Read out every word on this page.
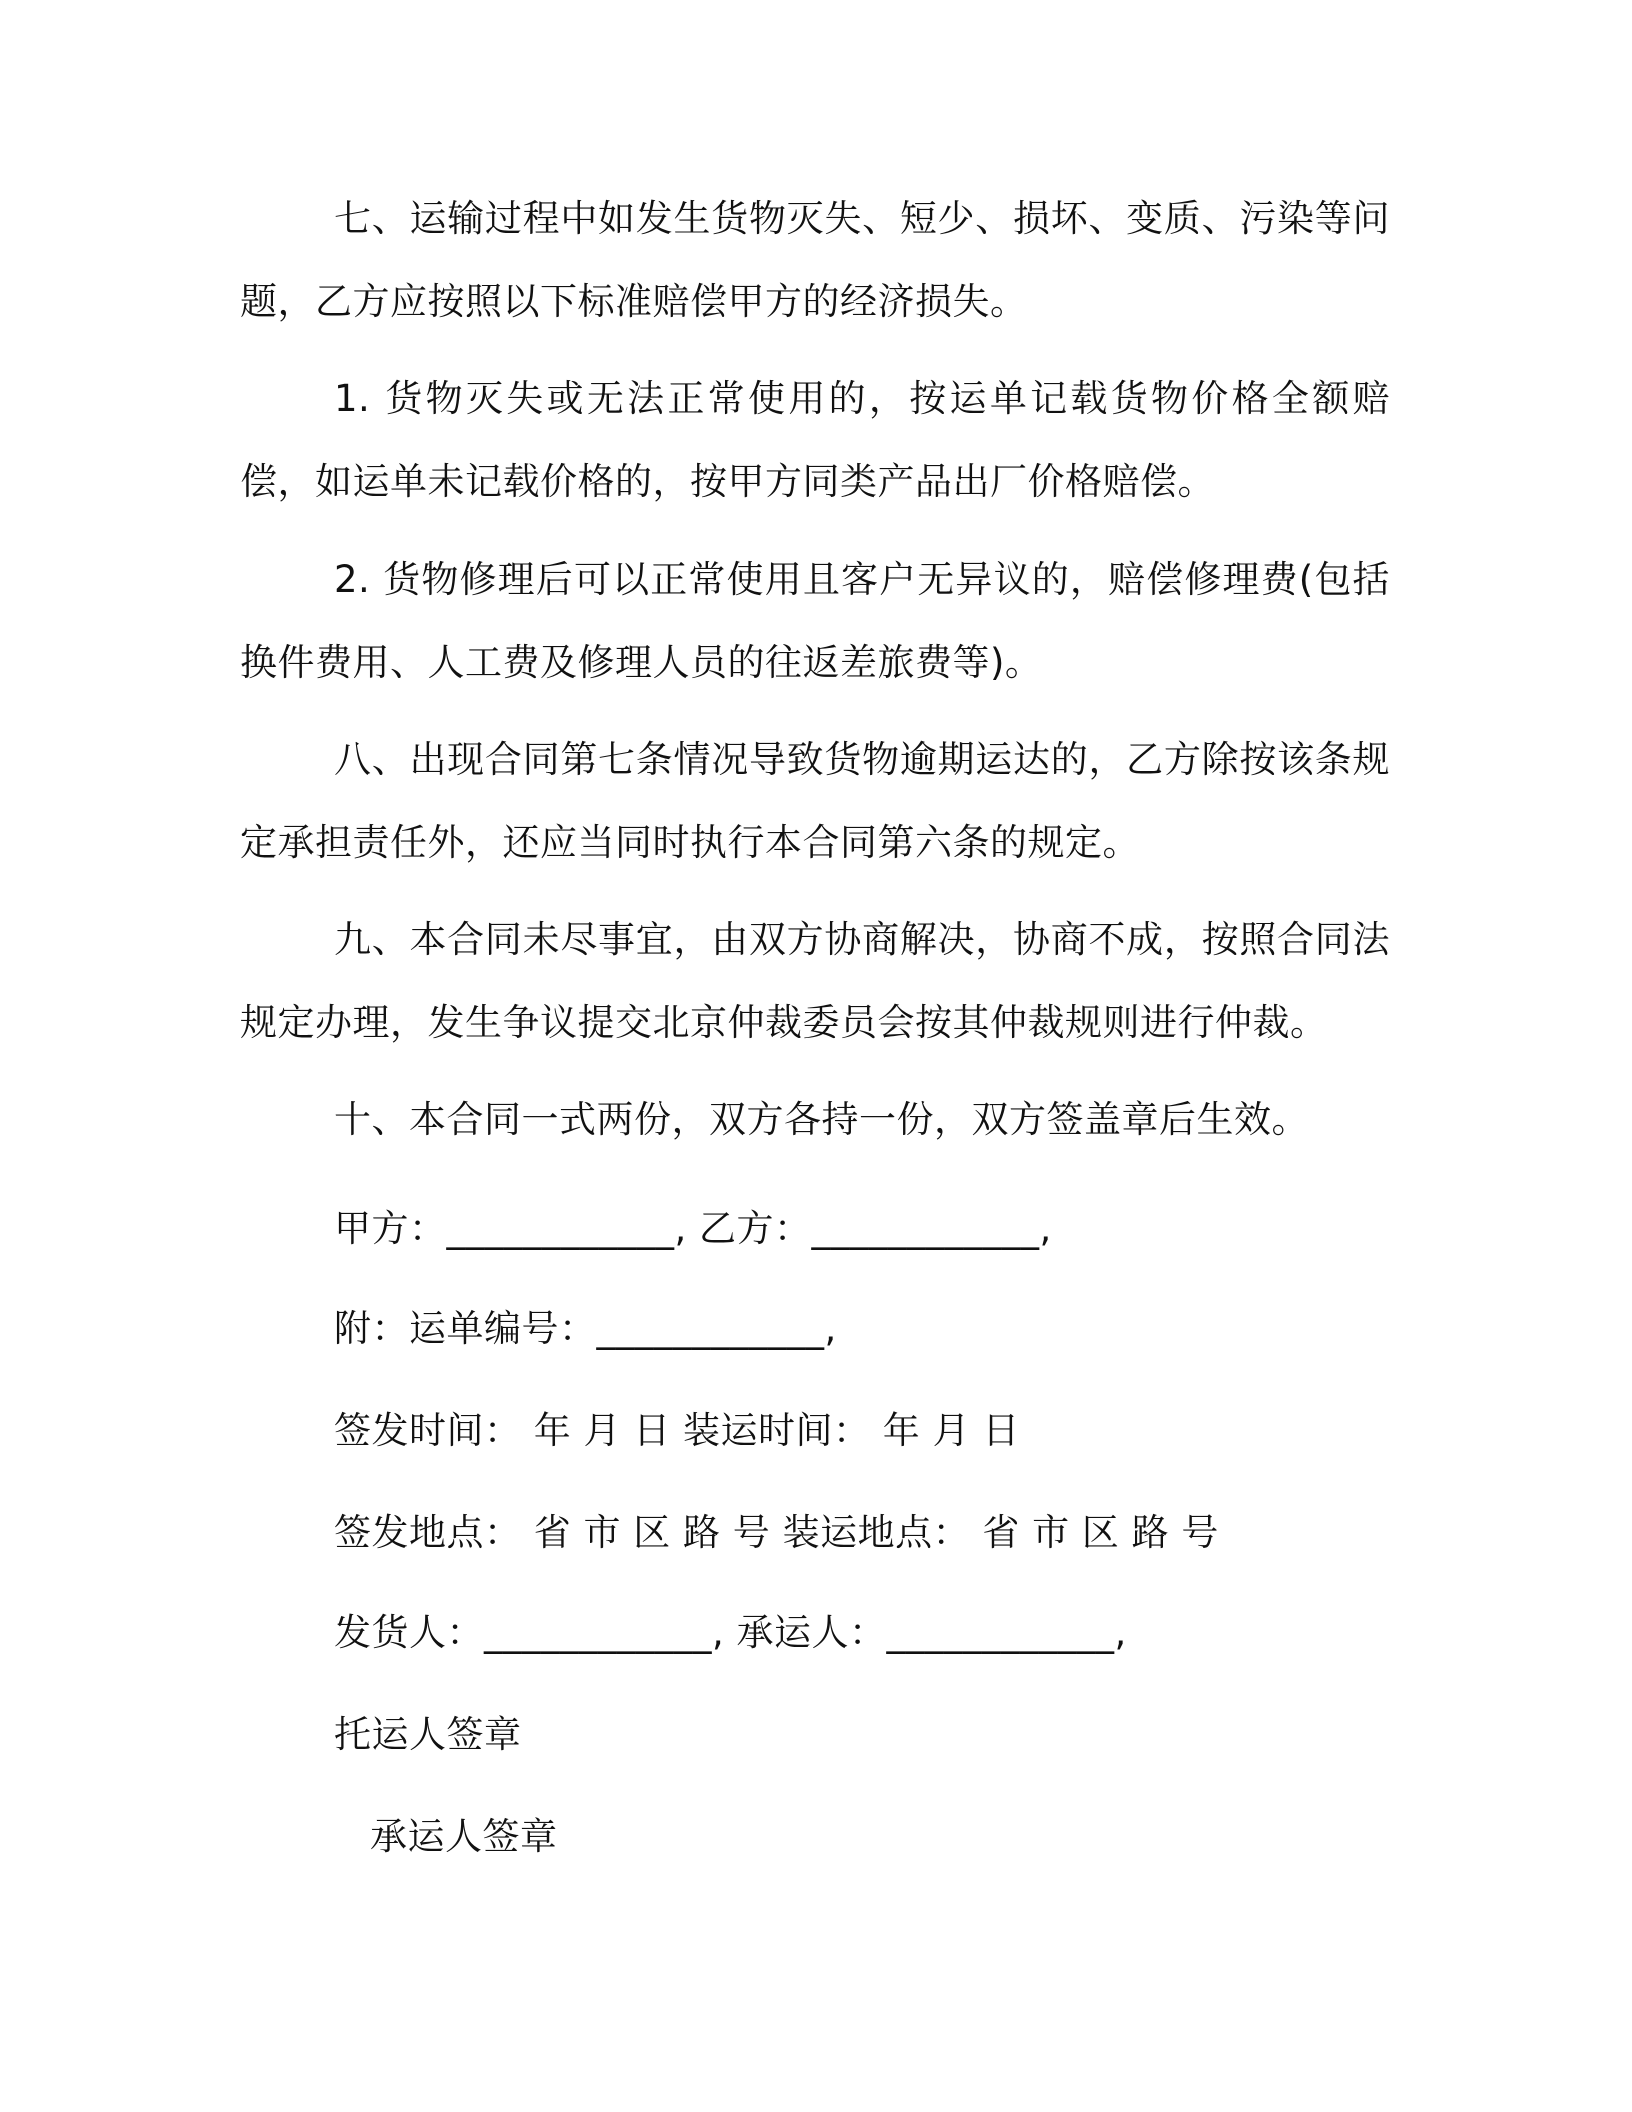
七、运输过程中如发生货物灭失、短少、损坏、变质、污染等问题，乙方应按照以下标准赔偿甲方的经济损失。

1. 货物灭失或无法正常使用的，按运单记载货物价格全额赔偿，如运单未记载价格的，按甲方同类产品出厂价格赔偿。

2. 货物修理后可以正常使用且客户无异议的，赔偿修理费(包括换件费用、人工费及修理人员的往返差旅费等)。

八、出现合同第七条情况导致货物逾期运达的，乙方除按该条规定承担责任外，还应当同时执行本合同第六条的规定。

九、本合同未尽事宜，由双方协商解决，协商不成，按照合同法规定办理，发生争议提交北京仲裁委员会按其仲裁规则进行仲裁。

十、本合同一式两份，双方各持一份，双方签盖章后生效。

甲方：____________, 乙方：____________,

附：运单编号：____________,

签发时间： 年 月 日 装运时间： 年 月 日

签发地点： 省 市 区 路 号 装运地点： 省 市 区 路 号

发货人：____________, 承运人：____________,

托运人签章

承运人签章
